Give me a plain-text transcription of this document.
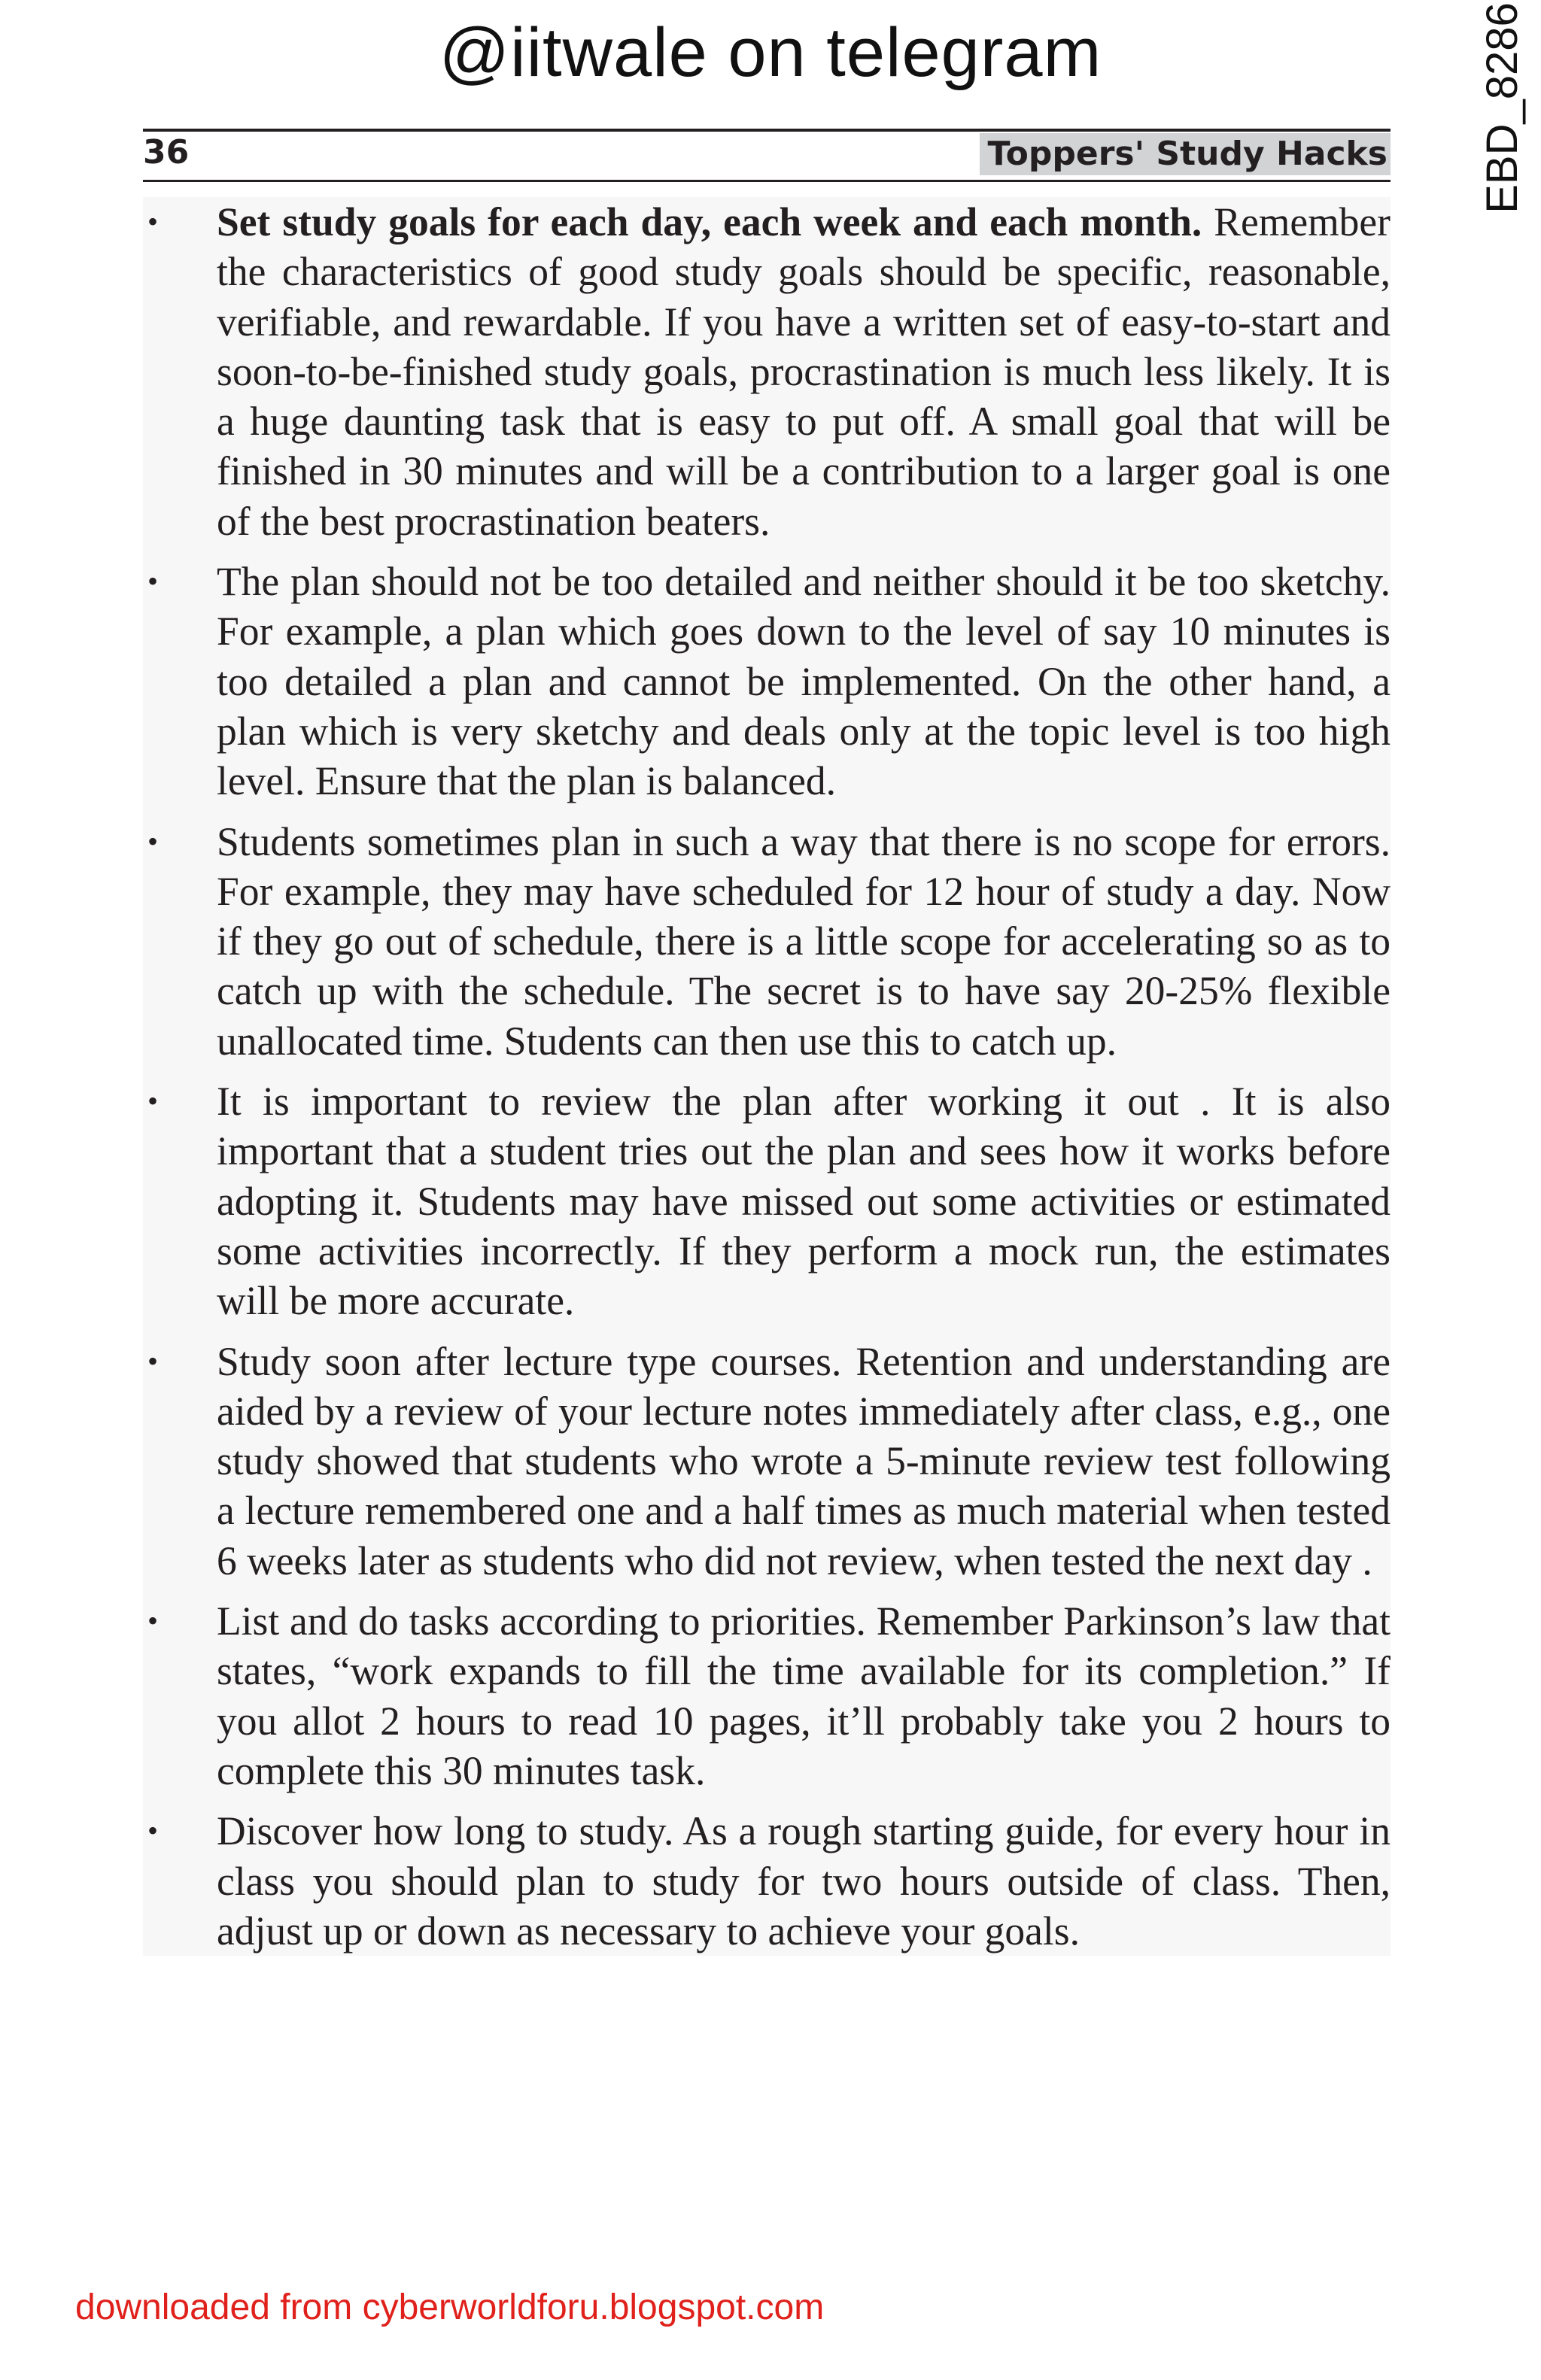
@iitwale on telegram	EBD_8286
36	Toppers' Study Hacks
• Set study goals for each day, each week and each month. Remember the characteristics of good study goals should be specific, reasonable, verifiable, and rewardable. If you have a written set of easy-to-start and soon-to-be-finished study goals, procrastination is much less likely. It is a huge daunting task that is easy to put off. A small goal that will be finished in 30 minutes and will be a contribution to a larger goal is one of the best procrastination beaters.
• The plan should not be too detailed and neither should it be too sketchy. For example, a plan which goes down to the level of say 10 minutes is too detailed a plan and cannot be implemented. On the other hand, a plan which is very sketchy and deals only at the topic level is too high level. Ensure that the plan is balanced.
• Students sometimes plan in such a way that there is no scope for errors. For example, they may have scheduled for 12 hour of study a day. Now if they go out of schedule, there is a little scope for accelerating so as to catch up with the schedule. The secret is to have say 20-25% flexible unallocated time. Students can then use this to catch up.
• It is important to review the plan after working it out . It is also important that a student tries out the plan and sees how it works before adopting it. Students may have missed out some activities or estimated some activities incorrectly. If they perform a mock run, the estimates will be more accurate.
• Study soon after lecture type courses. Retention and understanding are aided by a review of your lecture notes immediately after class, e.g., one study showed that students who wrote a 5-minute review test following a lecture remembered one and a half times as much material when tested 6 weeks later as students who did not review, when tested the next day .
• List and do tasks according to priorities. Remember Parkinson’s law that states, “work expands to fill the time available for its completion.” If you allot 2 hours to read 10 pages, it’ll probably take you 2 hours to complete this 30 minutes task.
• Discover how long to study. As a rough starting guide, for every hour in class you should plan to study for two hours outside of class. Then, adjust up or down as necessary to achieve your goals.
downloaded from cyberworldforu.blogspot.com
